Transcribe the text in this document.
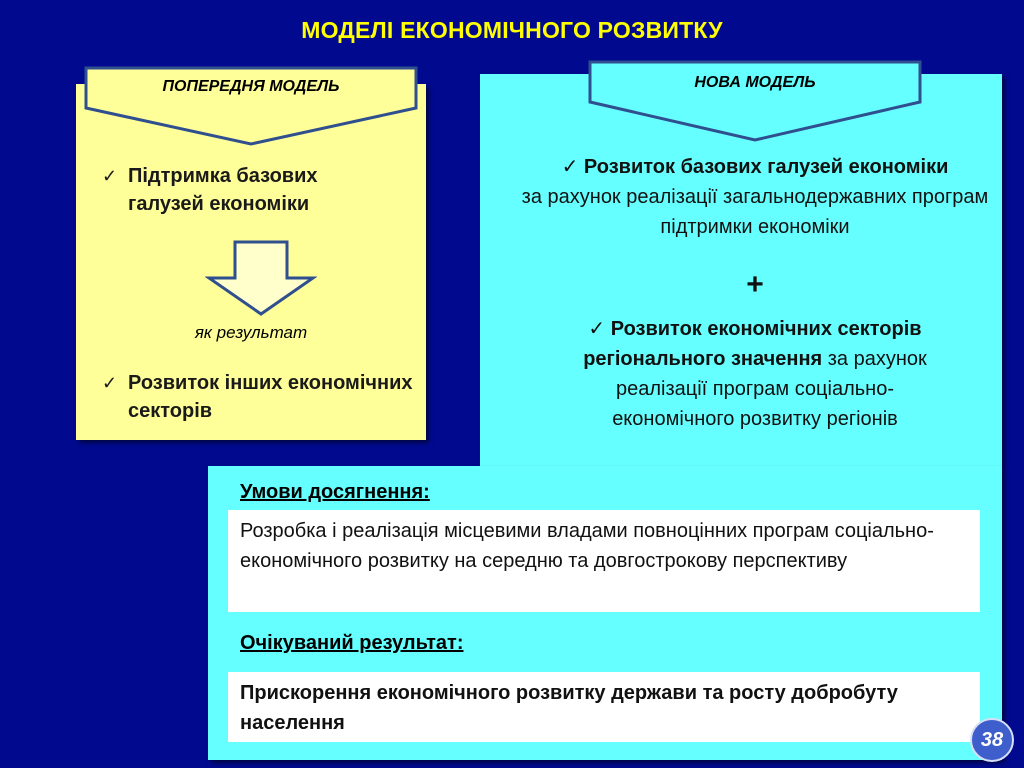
МОДЕЛІ ЕКОНОМІЧНОГО РОЗВИТКУ
ПОПЕРЕДНЯ МОДЕЛЬ
✓ Підтримка базових галузей економіки
як результат
✓ Розвиток інших економічних секторів
НОВА МОДЕЛЬ
✓ Розвиток базових галузей економіки
за рахунок реалізації загальнодержавних програм підтримки економіки
+
✓ Розвиток економічних секторів
регіонального значення за рахунок
реалізації програм соціально-
економічного розвитку регіонів
Умови досягнення:

Розробка і реалізація місцевими владами повноцінних програм соціально-економічного розвитку на середню та довгострокову перспективу

Очікуваний результат:

Прискорення економічного розвитку держави та росту добробуту населення

38
